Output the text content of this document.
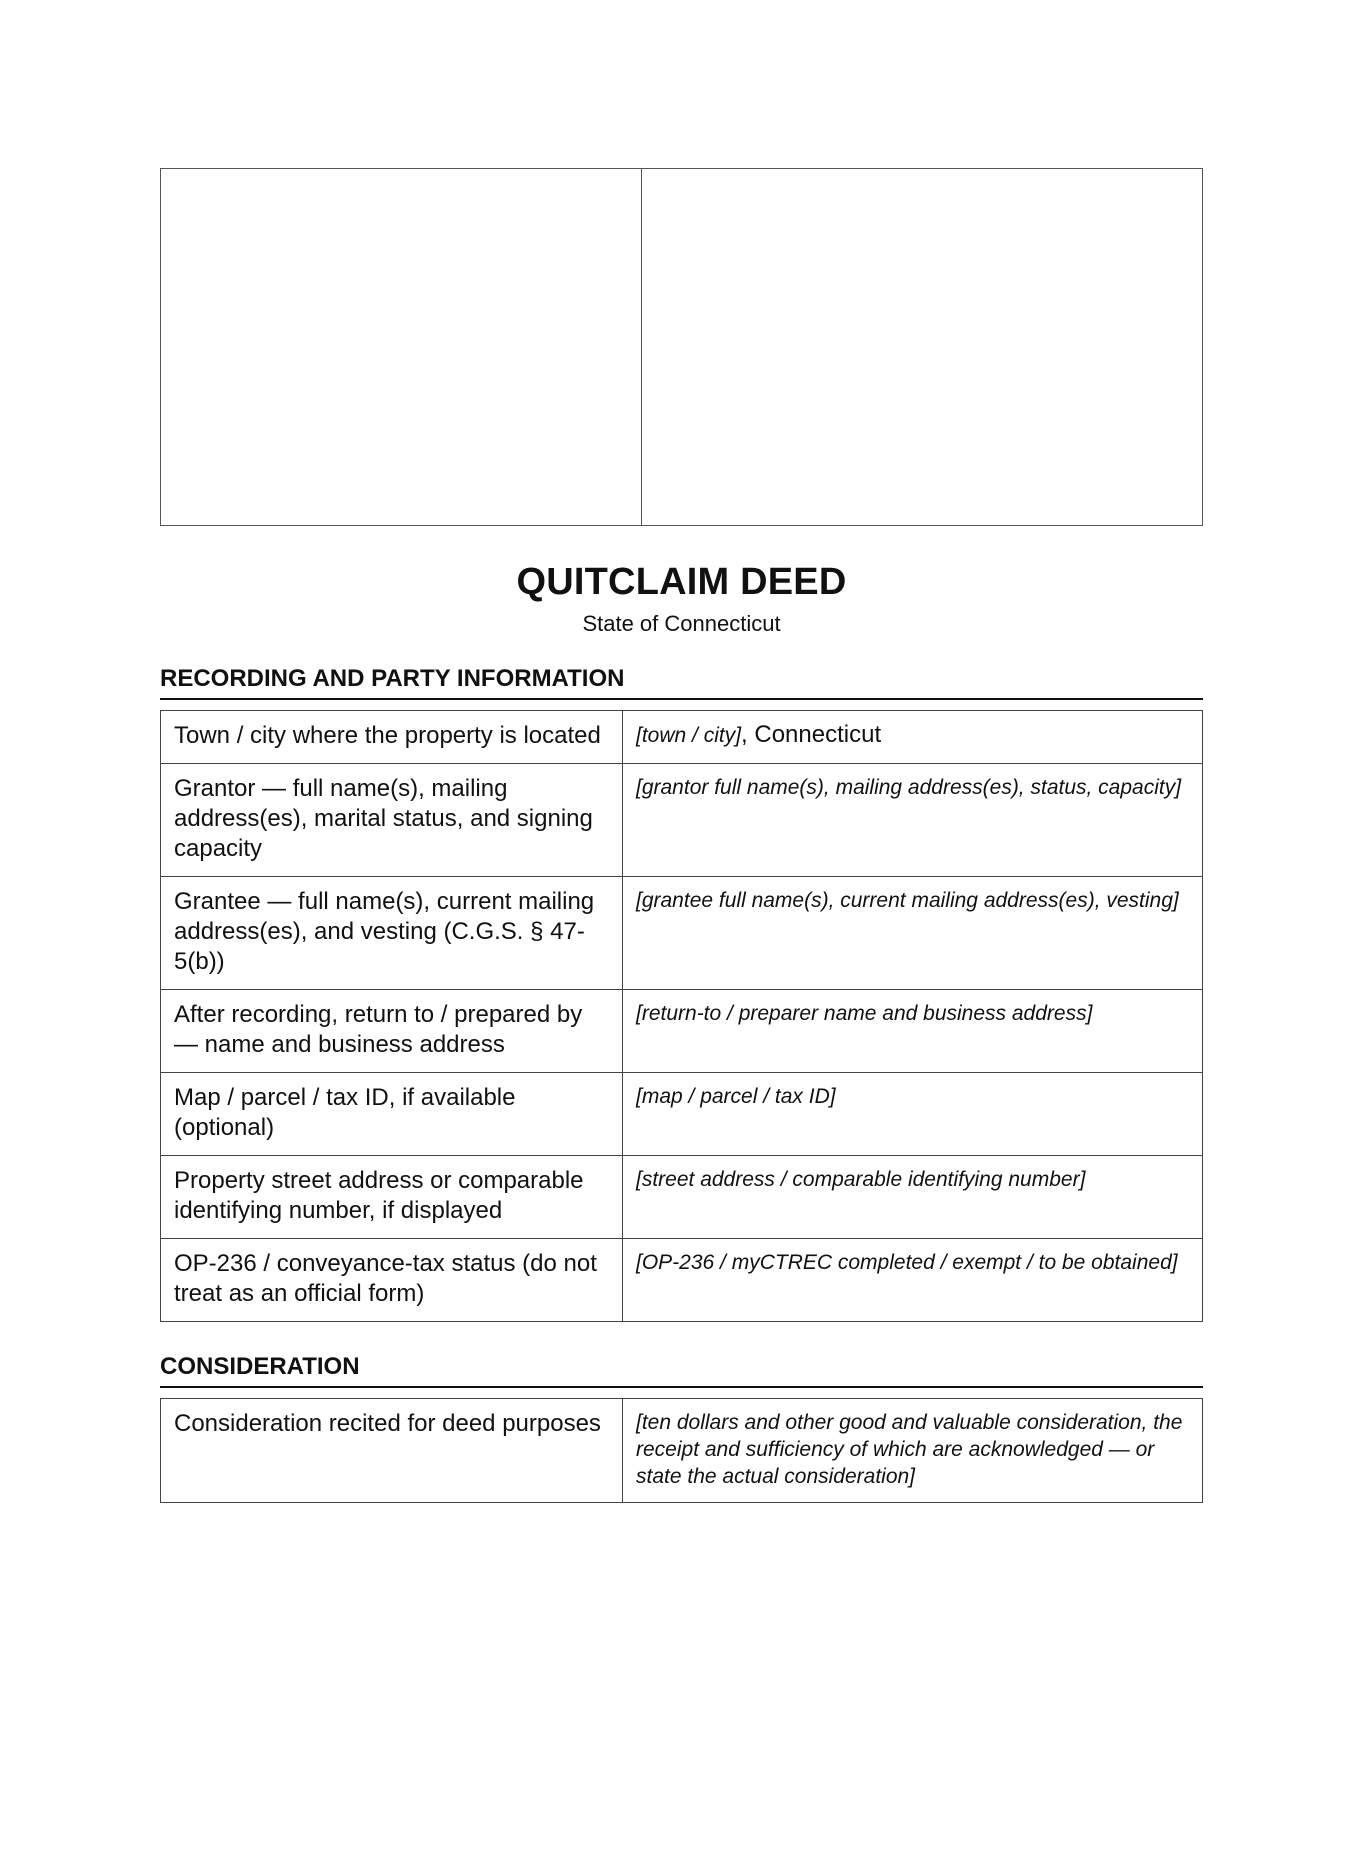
QUITCLAIM DEED
State of Connecticut
RECORDING AND PARTY INFORMATION
Town / city where the property is located	[town / city], Connecticut
Grantor — full name(s), mailing address(es), marital status, and signing capacity	[grantor full name(s), mailing address(es), status, capacity]
Grantee — full name(s), current mailing address(es), and vesting (C.G.S. § 47-5(b))	[grantee full name(s), current mailing address(es), vesting]
After recording, return to / prepared by — name and business address	[return-to / preparer name and business address]
Map / parcel / tax ID, if available (optional)	[map / parcel / tax ID]
Property street address or comparable identifying number, if displayed	[street address / comparable identifying number]
OP-236 / conveyance-tax status (do not treat as an official form)	[OP-236 / myCTREC completed / exempt / to be obtained]
CONSIDERATION
Consideration recited for deed purposes	[ten dollars and other good and valuable consideration, the receipt and sufficiency of which are acknowledged — or state the actual consideration]
